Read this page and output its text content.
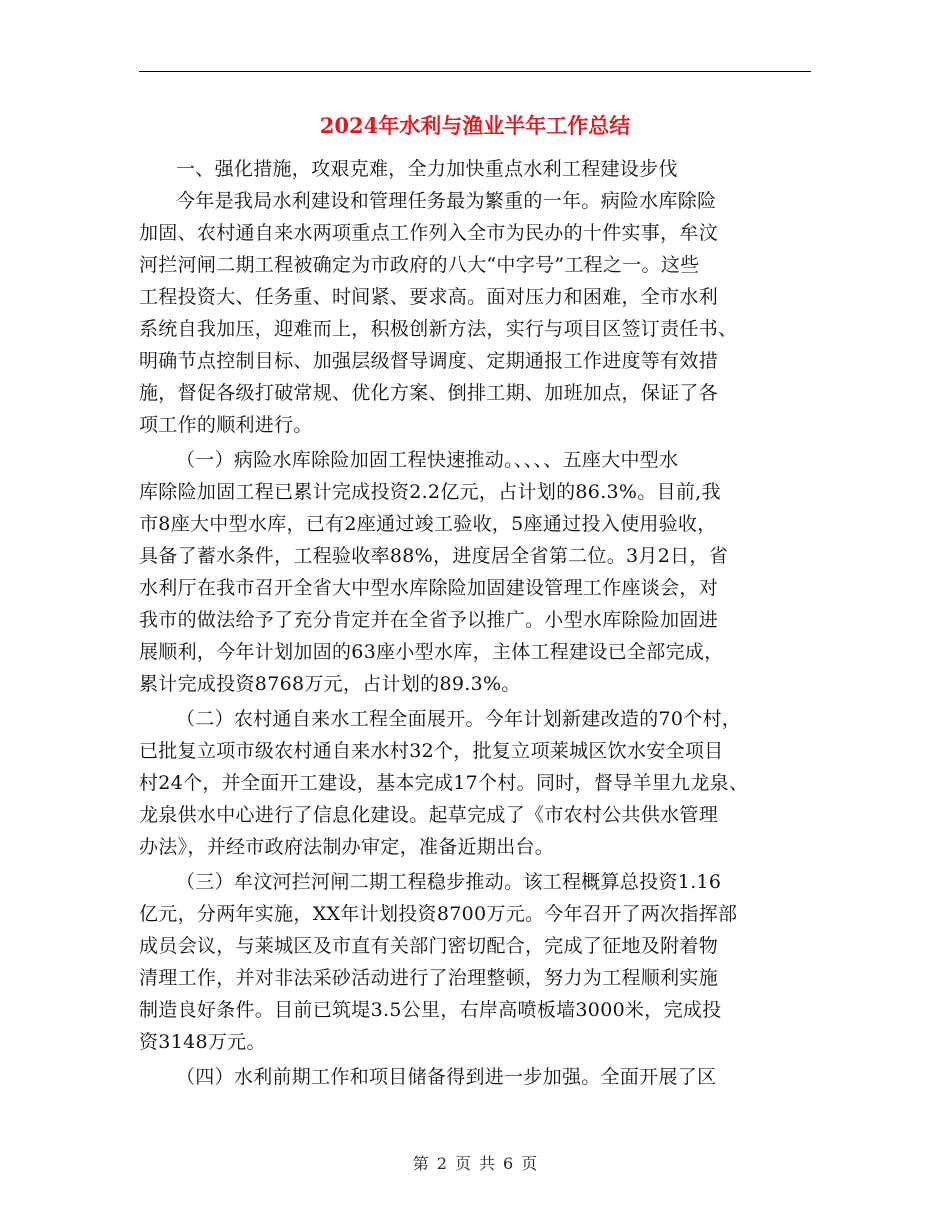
2024年水利与渔业半年工作总结
一、强化措施，攻艰克难，全力加快重点水利工程建设步伐
今年是我局水利建设和管理任务最为繁重的一年。病险水库除险
加固、农村通自来水两项重点工作列入全市为民办的十件实事，牟汶
河拦河闸二期工程被确定为市政府的八大“中字号”工程之一。这些
工程投资大、任务重、时间紧、要求高。面对压力和困难，全市水利
系统自我加压，迎难而上，积极创新方法，实行与项目区签订责任书、
明确节点控制目标、加强层级督导调度、定期通报工作进度等有效措
施，督促各级打破常规、优化方案、倒排工期、加班加点，保证了各
项工作的顺利进行。
（一）病险水库除险加固工程快速推动。、、、、五座大中型水
库除险加固工程已累计完成投资2.2亿元，占计划的86.3%。目前,我
市8座大中型水库，已有2座通过竣工验收，5座通过投入使用验收，
具备了蓄水条件，工程验收率88%，进度居全省第二位。3月2日，省
水利厅在我市召开全省大中型水库除险加固建设管理工作座谈会，对
我市的做法给予了充分肯定并在全省予以推广。小型水库除险加固进
展顺利，今年计划加固的63座小型水库，主体工程建设已全部完成，
累计完成投资8768万元，占计划的89.3%。
（二）农村通自来水工程全面展开。今年计划新建改造的70个村，
已批复立项市级农村通自来水村32个，批复立项莱城区饮水安全项目
村24个，并全面开工建设，基本完成17个村。同时，督导羊里九龙泉、
龙泉供水中心进行了信息化建设。起草完成了《市农村公共供水管理
办法》，并经市政府法制办审定，准备近期出台。
（三）牟汶河拦河闸二期工程稳步推动。该工程概算总投资1.16
亿元，分两年实施，XX年计划投资8700万元。今年召开了两次指挥部
成员会议，与莱城区及市直有关部门密切配合，完成了征地及附着物
清理工作，并对非法采砂活动进行了治理整顿，努力为工程顺利实施
制造良好条件。目前已筑堤3.5公里，右岸高喷板墙3000米，完成投
资3148万元。
（四）水利前期工作和项目储备得到进一步加强。全面开展了区
第 2 页 共 6 页
